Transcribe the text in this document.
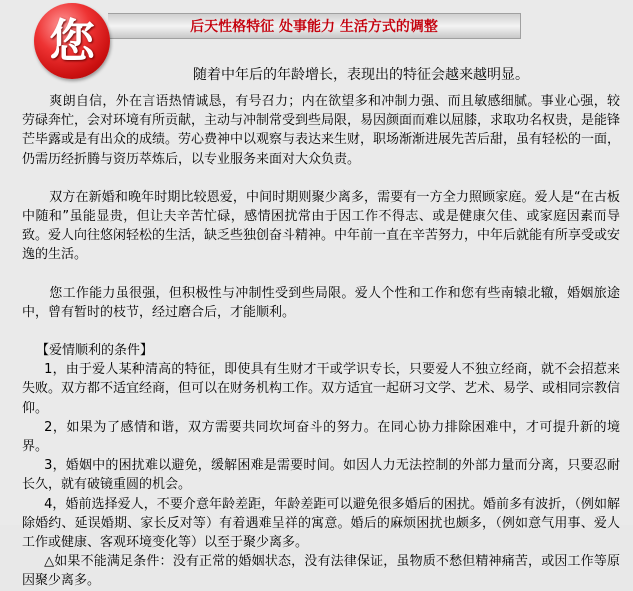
后天性格特征 处事能力 生活方式的调整
您
随着中年后的年龄增长，表现出的特征会越来越明显。

爽朗自信，外在言语热情诚恳，有号召力；内在欲望多和冲制力强、而且敏感细腻。事业心强，较劳碌奔忙，会对环境有所贡献，主动与冲制常受到些局限，易因颜面而难以屈膝，求取功名权贵，是能锋芒毕露或是有出众的成绩。劳心费神中以观察与表达来生财，职场渐渐进展先苦后甜，虽有轻松的一面，仍需历经折腾与资历萃炼后，以专业服务来面对大众负责。

双方在新婚和晚年时期比较恩爱，中间时期则聚少离多，需要有一方全力照顾家庭。爱人是“在古板中随和”虽能显贵，但让夫辛苦忙碌，感情困扰常由于因工作不得志、或是健康欠佳、或家庭因素而导致。爱人向往悠闲轻松的生活，缺乏些独创奋斗精神。中年前一直在辛苦努力，中年后就能有所享受或安逸的生活。

您工作能力虽很强，但积极性与冲制性受到些局限。爱人个性和工作和您有些南辕北辙，婚姻旅途中，曾有暂时的枝节，经过磨合后，才能顺利。

【爱情顺利的条件】

1，由于爱人某种清高的特征，即使具有生财才干或学识专长，只要爱人不独立经商，就不会招惹来失败。双方都不适宜经商，但可以在财务机构工作。双方适宜一起研习文学、艺术、易学、或相同宗教信仰。

2，如果为了感情和谐，双方需要共同坎坷奋斗的努力。在同心协力排除困难中，才可提升新的境界。

3，婚姻中的困扰难以避免，缓解困难是需要时间。如因人力无法控制的外部力量而分离，只要忍耐长久，就有破镜重圆的机会。

4，婚前选择爱人，不要介意年龄差距，年龄差距可以避免很多婚后的困扰。婚前多有波折，（例如解除婚约、延误婚期、家长反对等）有着遇难呈祥的寓意。婚后的麻烦困扰也颇多，（例如意气用事、爱人工作或健康、客观环境变化等）以至于聚少离多。

△如果不能满足条件：没有正常的婚姻状态，没有法律保证，虽物质不愁但精神痛苦，或因工作等原因聚少离多。
